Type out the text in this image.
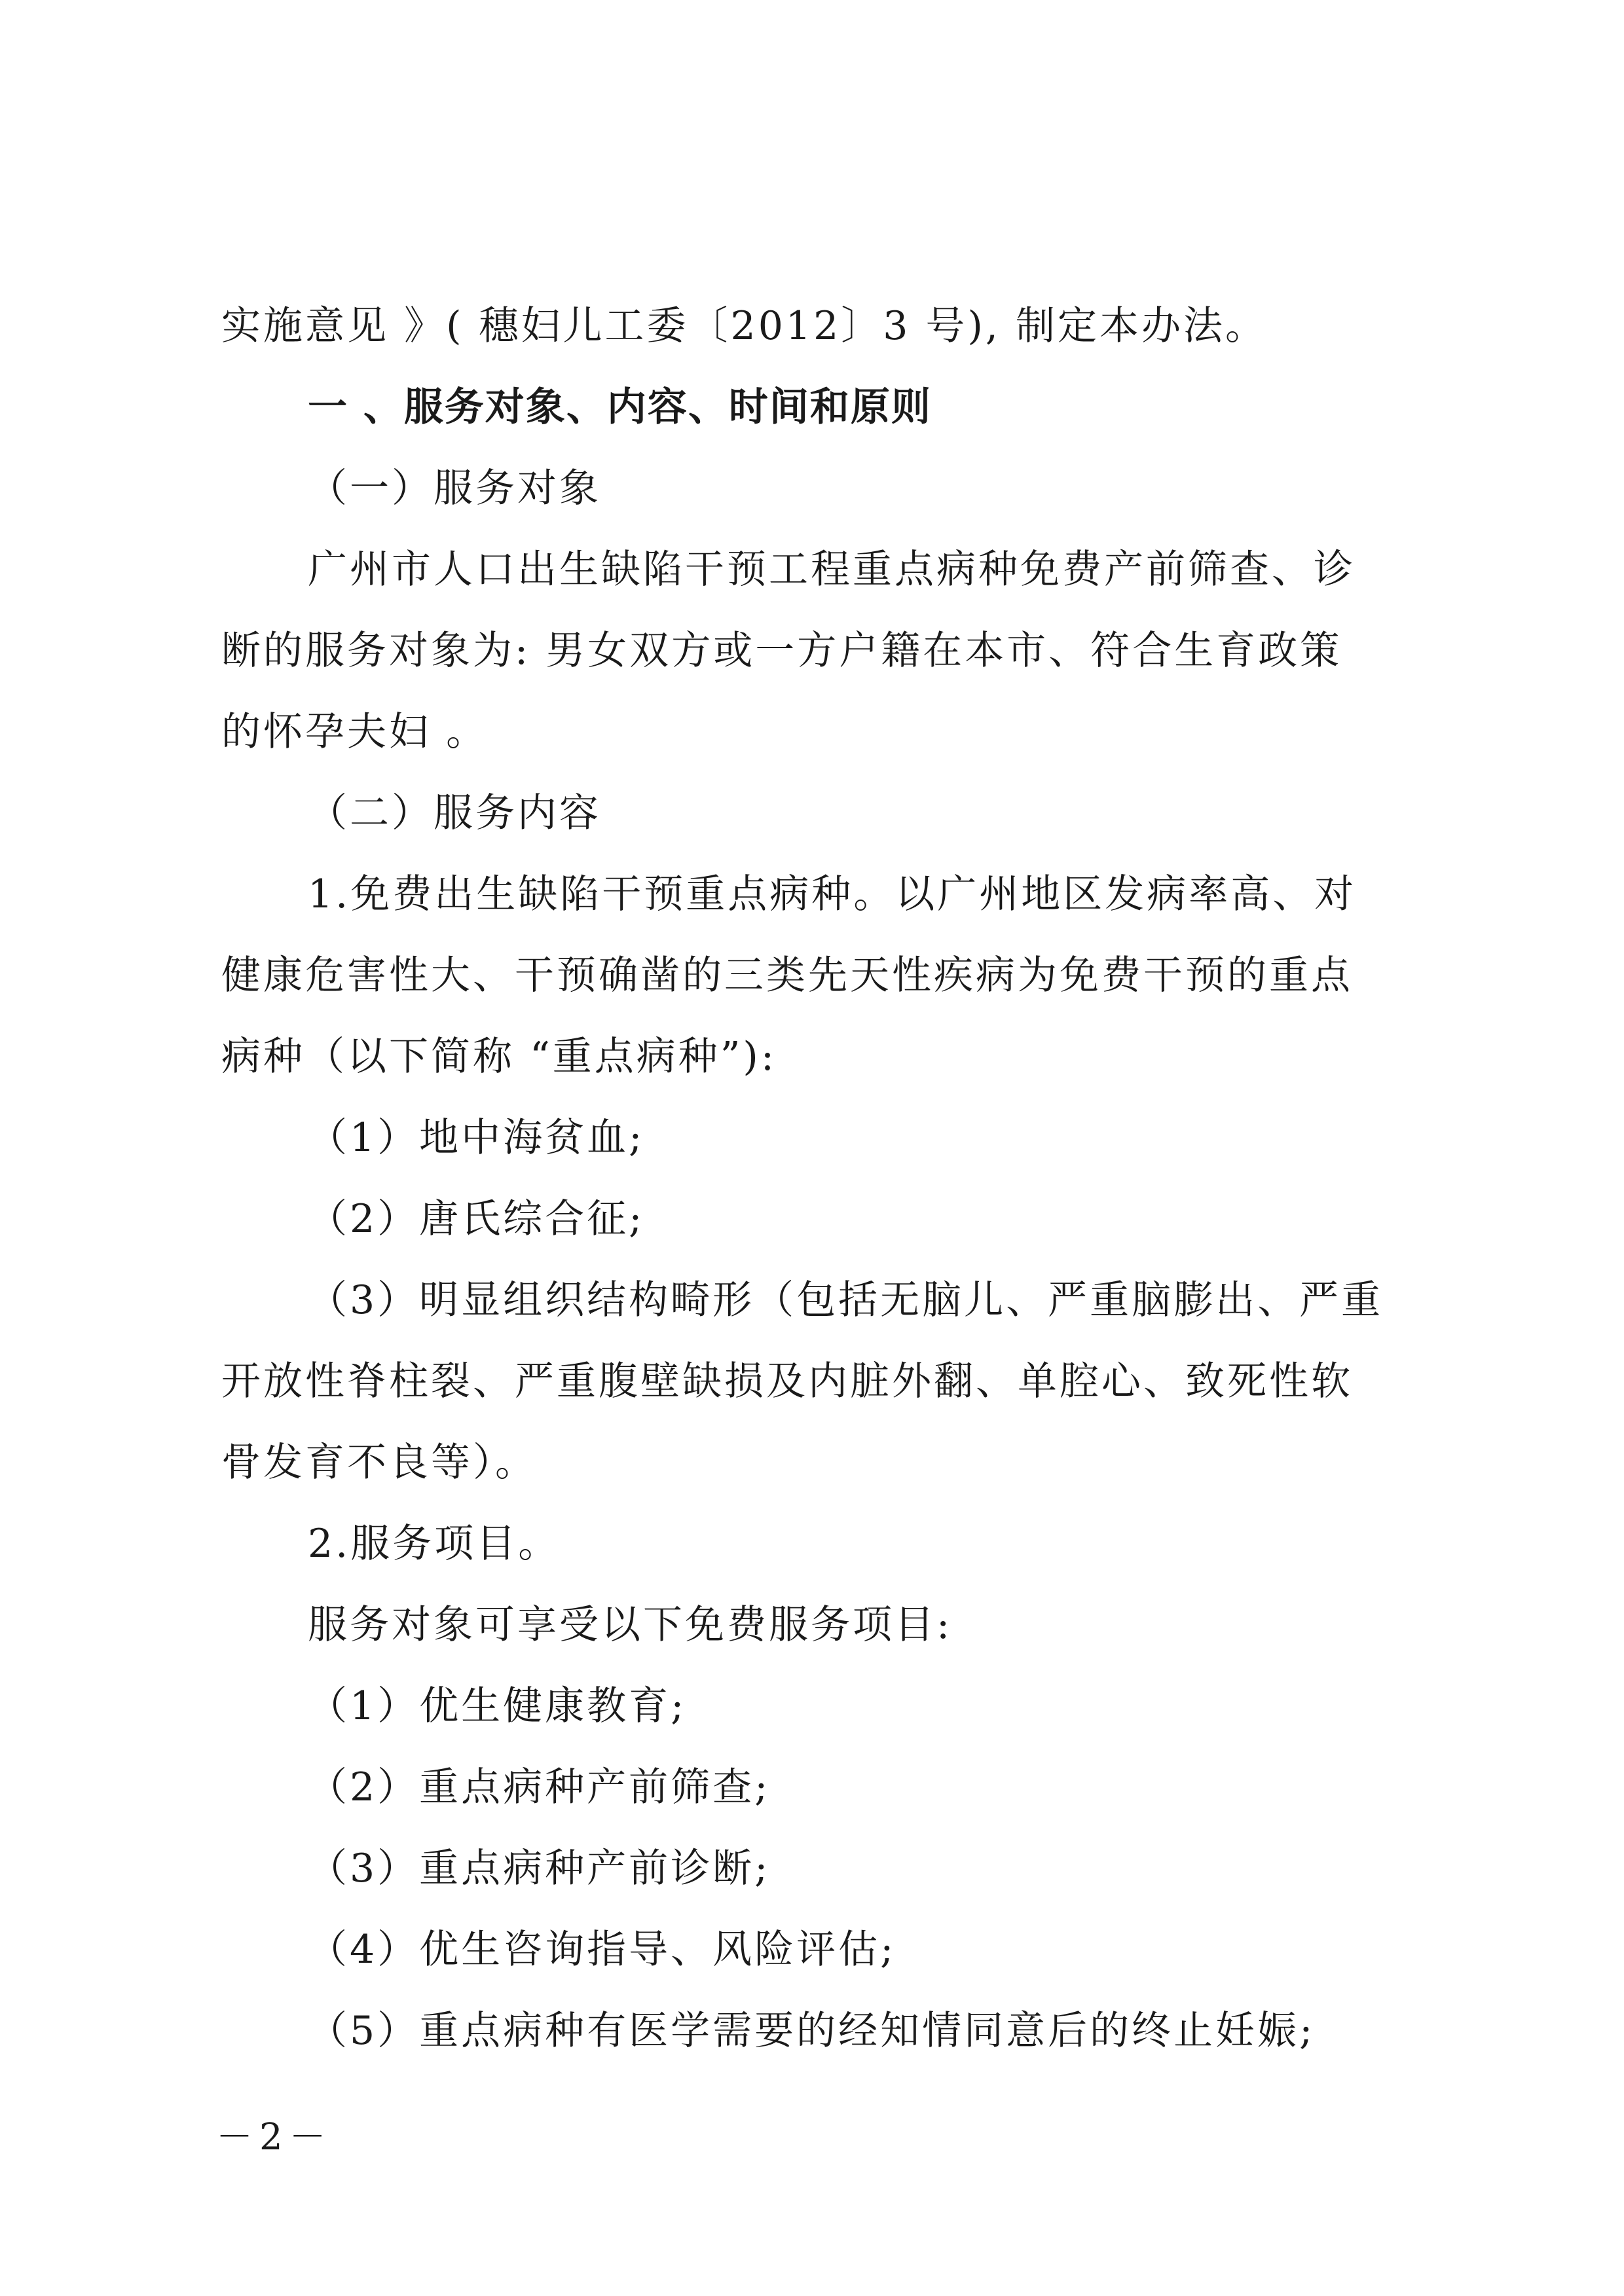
实施意见 》( 穗妇儿工委〔2012〕3 号), 制定本办法。
一 、服务对象、内容、时间和原则
（一）服务对象
广州市人口出生缺陷干预工程重点病种免费产前筛查、诊
断的服务对象为: 男女双方或一方户籍在本市、符合生育政策
的怀孕夫妇 。
（二）服务内容
1.免费出生缺陷干预重点病种。以广州地区发病率高、对
健康危害性大、干预确凿的三类先天性疾病为免费干预的重点
病种（以下简称 “重点病种”):
（1）地中海贫血;
（2）唐氏综合征;
（3）明显组织结构畸形（包括无脑儿、严重脑膨出、严重
开放性脊柱裂、严重腹壁缺损及内脏外翻、单腔心、致死性软
骨发育不良等）。
2.服务项目。
服务对象可享受以下免费服务项目:
（1）优生健康教育;
（2）重点病种产前筛查;
（3）重点病种产前诊断;
（4）优生咨询指导、风险评估;
（5）重点病种有医学需要的经知情同意后的终止妊娠;
－2－
